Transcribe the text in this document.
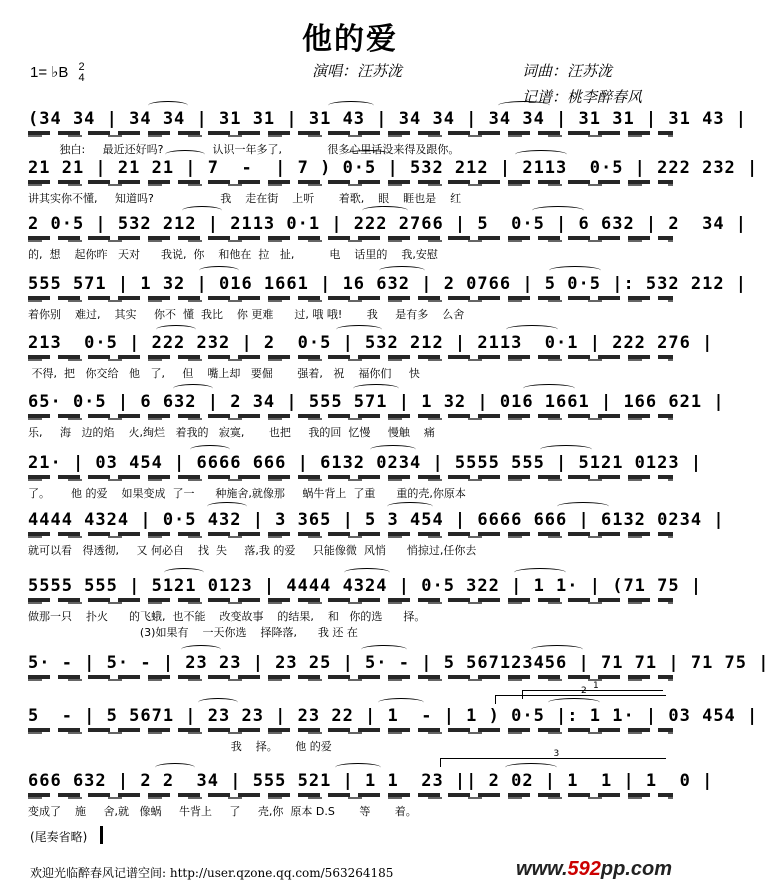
他的爱
1= ♭B 2
4	演唱：汪苏泷	词曲：汪苏泷
记谱：桃李醉春风
(34 34 | 34 34 | 31 31 | 31 43 | 34 34 | 34 34 | 31 31 | 31 43 |
独白:     最近还好吗?              认识一年多了,             很多心里话没来得及跟你。
21 21 | 21 21 | 7  -  | 7 ) 0·5 | 532 212 | 2113  0·5 | 222 232 |
讲其实你不懂,     知道吗?                   我    走在街    上听       着歌,    眼    睚也是    红
2 0·5 | 532 212 | 2113 0·1 | 222 2766 | 5  0·5 | 6 632 | 2  34 |
的,  想    起你昨   天对      我说,  你    和他在  拉   扯,          电    话里的    我,安慰
555 571 | 1 32 | 016 1661 | 16 632 | 2 0766 | 5 0·5 |: 532 212 |
着你别    难过,    其实     你不  懂  我比    你 更难      过, 哦 哦!       我     是有多    么舍
213  0·5 | 222 232 | 2  0·5 | 532 212 | 2113  0·1 | 222 276 |
不得,  把   你交给   他   了,     但    嘴上却   要倔       强着,   祝    福你们     快
65· 0·5 | 6 632 | 2 34 | 555 571 | 1 32 | 016 1661 | 166 621 |
乐,     海   边的焰    火,绚烂   着我的   寂寞,       也把     我的回  忆慢     慢触    痛
21· | 03 454 | 6666 666 | 6132 0234 | 5555 555 | 5121 0123 |
了。      他 的爱    如果变成  了一      种施舍,就像那     蜗牛背上  了重      重的壳,你原本
4444 4324 | 0·5 432 | 3 365 | 5 3 454 | 6666 666 | 6132 0234 |
就可以看   得透彻,     又 何必自    找  失     落,我 的爱     只能像微  风悄      悄掠过,任你去
5555 555 | 5121 0123 | 4444 4324 | 0·5 322 | 1 1· | (71 75 |
做那一只    扑火      的飞蛾,  也不能    改变故事    的结果,    和   你的选      择。
(3)如果有    一天你选    择降落,      我 还 在
5· - | 5· - | 23 23 | 23 25 | 5· - | 5 567123456 | 71 71 | 71 75 |
5  - | 5 5671 | 23 23 | 23 22 | 1  - | 1 ) 0·5 |: 1 1· | 03 454 |
我    择。     他 的爱
666 632 | 2 2  34 | 555 521 | 1 1  23 || 2 02 | 1  1 | 1  0 |
变成了    施     舍,就   像蜗     牛背上     了     壳,你  原本 D.S       等       着。
(尾奏省略)
欢迎光临醉春风记谱空间: http://user.qzone.qq.com/563264185	www.592pp.com
1
2
3
